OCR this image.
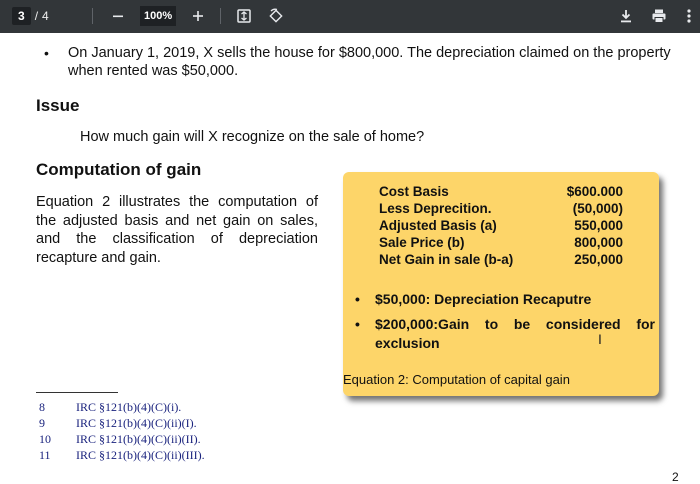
3 / 4	100%
• On January 1, 2019, X sells the house for $800,000. The depreciation claimed on the property when rented was $50,000.
Issue
How much gain will X recognize on the sale of home?
Computation of gain
Equation 2 illustrates the computation of the adjusted basis and net gain on sales, and the classification of depreciation recapture and gain.
Cost Basis	$600.000
Less Deprecition.	(50,000)
Adjusted Basis (a)	550,000
Sale Price (b)	800,000
Net Gain in sale (b-a)	250,000
•	$50,000: Depreciation Recaputre
•	$200,000:Gain to be considered for exclusion
Equation 2: Computation of capital gain
8	IRC §121(b)(4)(C)(i).
9	IRC §121(b)(4)(C)(ii)(I).
10	IRC §121(b)(4)(C)(ii)(II).
11	IRC §121(b)(4)(C)(ii)(III).
2
I
